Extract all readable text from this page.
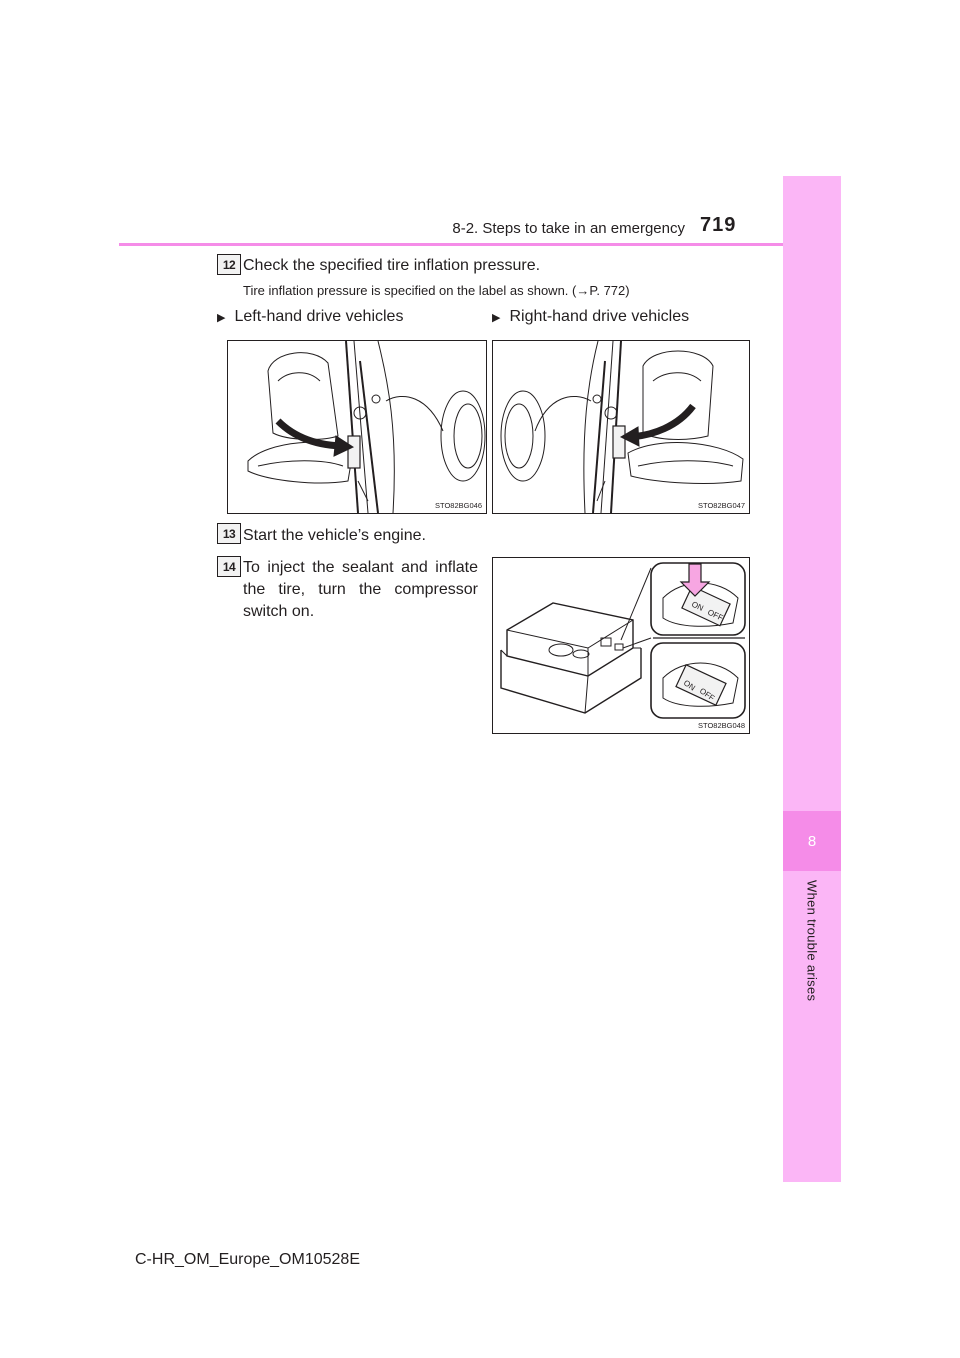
8-2. Steps to take in an emergency 719
8
When trouble arises
12 Check the specified tire inflation pressure.
Tire inflation pressure is specified on the label as shown. (→P. 772)
▶ Left-hand drive vehicles	▶ Right-hand drive vehicles
STO82BG046	STO82BG047
13 Start the vehicle’s engine.
14 To inject the sealant and inflate the tire, turn the compressor switch on.	ON
OFF
ON
OFF
STO82BG048
C-HR_OM_Europe_OM10528E
